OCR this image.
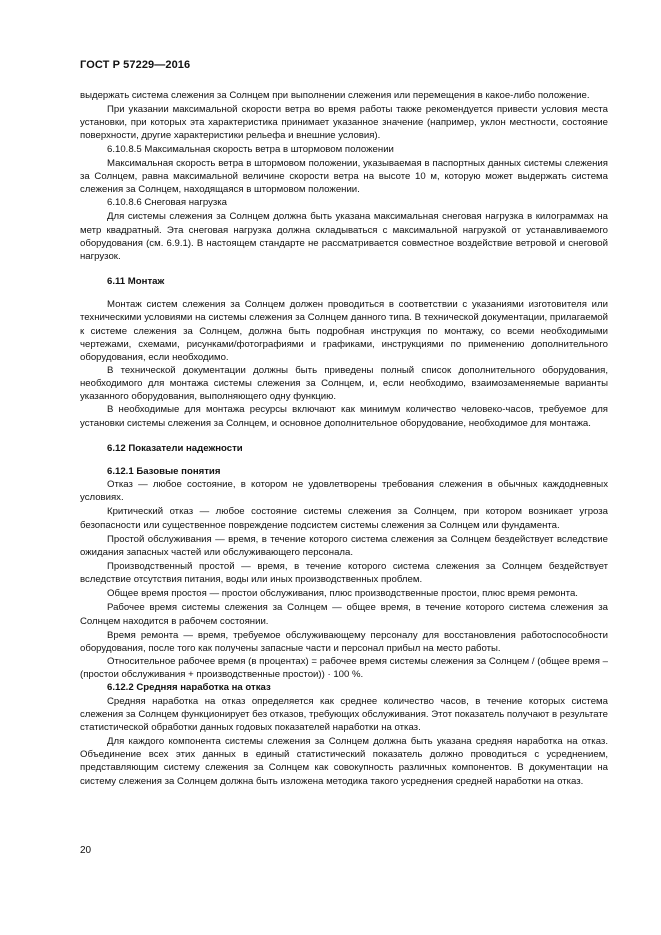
ГОСТ Р 57229—2016

выдержать система слежения за Солнцем при выполнении слежения или перемещения в какое-либо положение.

При указании максимальной скорости ветра во время работы также рекомендуется привести условия места установки, при которых эта характеристика принимает указанное значение (например, уклон местности, состояние поверхности, другие характеристики рельефа и внешние условия).

6.10.8.5 Максимальная скорость ветра в штормовом положении

Максимальная скорость ветра в штормовом положении, указываемая в паспортных данных системы слежения за Солнцем, равна максимальной величине скорости ветра на высоте 10 м, которую может выдержать система слежения за Солнцем, находящаяся в штормовом положении.

6.10.8.6 Снеговая нагрузка

Для системы слежения за Солнцем должна быть указана максимальная снеговая нагрузка в килограммах на метр квадратный. Эта снеговая нагрузка должна складываться с максимальной нагрузкой от устанавливаемого оборудования (см. 6.9.1). В настоящем стандарте не рассматривается совместное воздействие ветровой и снеговой нагрузок.

6.11 Монтаж

Монтаж систем слежения за Солнцем должен проводиться в соответствии с указаниями изготовителя или техническими условиями на системы слежения за Солнцем данного типа. В технической документации, прилагаемой к системе слежения за Солнцем, должна быть подробная инструкция по монтажу, со всеми необходимыми чертежами, схемами, рисунками/фотографиями и графиками, инструкциями по применению дополнительного оборудования, если необходимо.

В технической документации должны быть приведены полный список дополнительного оборудования, необходимого для монтажа системы слежения за Солнцем, и, если необходимо, взаимозаменяемые варианты указанного оборудования, выполняющего одну функцию.

В необходимые для монтажа ресурсы включают как минимум количество человеко-часов, требуемое для установки системы слежения за Солнцем, и основное дополнительное оборудование, необходимое для монтажа.

6.12 Показатели надежности
6.12.1 Базовые понятия

Отказ — любое состояние, в котором не удовлетворены требования слежения в обычных каждодневных условиях.

Критический отказ — любое состояние системы слежения за Солнцем, при котором возникает угроза безопасности или существенное повреждение подсистем системы слежения за Солнцем или фундамента.

Простой обслуживания — время, в течение которого система слежения за Солнцем бездействует вследствие ожидания запасных частей или обслуживающего персонала.

Производственный простой — время, в течение которого система слежения за Солнцем бездействует вследствие отсутствия питания, воды или иных производственных проблем.

Общее время простоя — простои обслуживания, плюс производственные простои, плюс время ремонта.

Рабочее время системы слежения за Солнцем — общее время, в течение которого система слежения за Солнцем находится в рабочем состоянии.

Время ремонта — время, требуемое обслуживающему персоналу для восстановления работоспособности оборудования, после того как получены запасные части и персонал прибыл на место работы.

Относительное рабочее время (в процентах) = рабочее время системы слежения за Солнцем / (общее время – (простои обслуживания + производственные простои)) · 100 %.

6.12.2 Средняя наработка на отказ

Средняя наработка на отказ определяется как среднее количество часов, в течение которых система слежения за Солнцем функционирует без отказов, требующих обслуживания. Этот показатель получают в результате статистической обработки данных годовых показателей наработки на отказ.

Для каждого компонента системы слежения за Солнцем должна быть указана средняя наработка на отказ. Объединение всех этих данных в единый статистический показатель должно проводиться с усреднением, представляющим систему слежения за Солнцем как совокупность различных компонентов. В документации на систему слежения за Солнцем должна быть изложена методика такого усреднения средней наработки на отказ.

20
